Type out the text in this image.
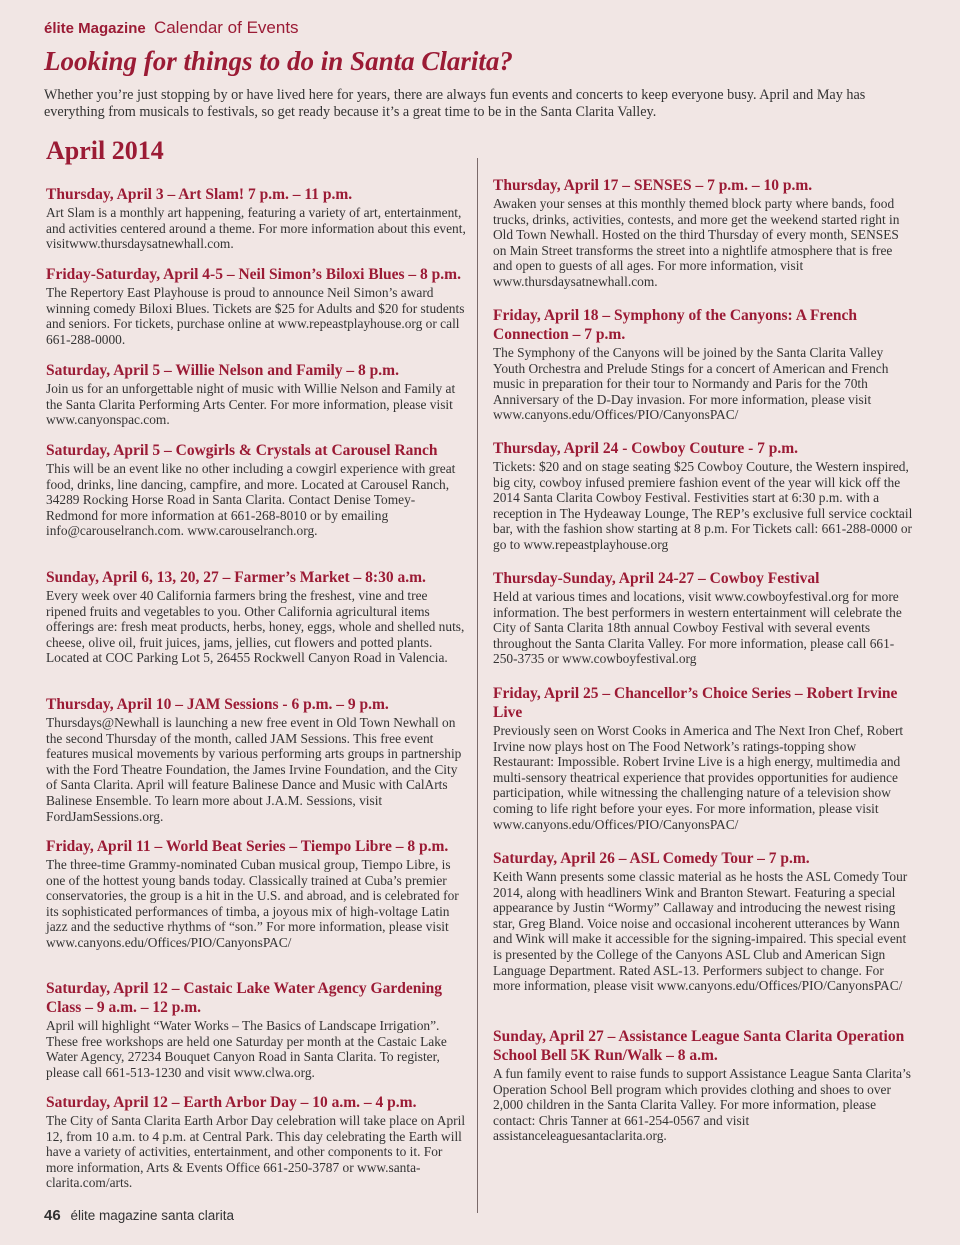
élite Magazine Calendar of Events
Looking for things to do in Santa Clarita?
Whether you’re just stopping by or have lived here for years, there are always fun events and concerts to keep everyone busy. April and May has everything from musicals to festivals, so get ready because it’s a great time to be in the Santa Clarita Valley.
April 2014
Thursday, April 3 – Art Slam! 7 p.m. – 11 p.m.

Art Slam is a monthly art happening, featuring a variety of art, entertainment, and activities centered around a theme. For more information about this event, visitwww.thursdaysatnewhall.com.

Friday-Saturday, April 4-5 – Neil Simon’s Biloxi Blues – 8 p.m.

The Repertory East Playhouse is proud to announce Neil Simon’s award winning comedy Biloxi Blues. Tickets are $25 for Adults and $20 for students and seniors. For tickets, purchase online at www.repeastplayhouse.org or call 661-288-0000.

Saturday, April 5 – Willie Nelson and Family – 8 p.m.

Join us for an unforgettable night of music with Willie Nelson and Family at the Santa Clarita Performing Arts Center. For more information, please visit www.canyonspac.com.

Saturday, April 5 – Cowgirls & Crystals at Carousel Ranch

This will be an event like no other including a cowgirl experience with great food, drinks, line dancing, campfire, and more. Located at Carousel Ranch, 34289 Rocking Horse Road in Santa Clarita. Contact Denise Tomey-Redmond for more information at 661-268-8010 or by emailing info@carouselranch.com. www.carouselranch.org.

Sunday, April 6, 13, 20, 27 – Farmer’s Market – 8:30 a.m.

Every week over 40 California farmers bring the freshest, vine and tree ripened fruits and vegetables to you. Other California agricultural items offerings are: fresh meat products, herbs, honey, eggs, whole and shelled nuts, cheese, olive oil, fruit juices, jams, jellies, cut flowers and potted plants. Located at COC Parking Lot 5, 26455 Rockwell Canyon Road in Valencia.

Thursday, April 10 – JAM Sessions - 6 p.m. – 9 p.m.

Thursdays@Newhall is launching a new free event in Old Town Newhall on the second Thursday of the month, called JAM Sessions. This free event features musical movements by various performing arts groups in partnership with the Ford Theatre Foundation, the James Irvine Foundation, and the City of Santa Clarita. April will feature Balinese Dance and Music with CalArts Balinese Ensemble. To learn more about J.A.M. Sessions, visit FordJamSessions.org.

Friday, April 11 – World Beat Series – Tiempo Libre – 8 p.m.

The three-time Grammy-nominated Cuban musical group, Tiempo Libre, is one of the hottest young bands today. Classically trained at Cuba’s premier conservatories, the group is a hit in the U.S. and abroad, and is celebrated for its sophisticated performances of timba, a joyous mix of high-voltage Latin jazz and the seductive rhythms of “son.” For more information, please visit www.canyons.edu/Offices/PIO/CanyonsPAC/

Saturday, April 12 – Castaic Lake Water Agency Gardening Class – 9 a.m. – 12 p.m.

April will highlight “Water Works – The Basics of Landscape Irrigation”. These free workshops are held one Saturday per month at the Castaic Lake Water Agency, 27234 Bouquet Canyon Road in Santa Clarita. To register, please call 661-513-1230 and visit www.clwa.org.

Saturday, April 12 – Earth Arbor Day – 10 a.m. – 4 p.m.

The City of Santa Clarita Earth Arbor Day celebration will take place on April 12, from 10 a.m. to 4 p.m. at Central Park. This day celebrating the Earth will have a variety of activities, entertainment, and other components to it. For more information, Arts & Events Office 661-250-3787 or www.santa-clarita.com/arts.

Thursday, April 17 – SENSES – 7 p.m. – 10 p.m.

Awaken your senses at this monthly themed block party where bands, food trucks, drinks, activities, contests, and more get the weekend started right in Old Town Newhall. Hosted on the third Thursday of every month, SENSES on Main Street transforms the street into a nightlife atmosphere that is free and open to guests of all ages. For more information, visit www.thursdaysatnewhall.com.

Friday, April 18 – Symphony of the Canyons: A French Connection – 7 p.m.

The Symphony of the Canyons will be joined by the Santa Clarita Valley Youth Orchestra and Prelude Stings for a concert of American and French music in preparation for their tour to Normandy and Paris for the 70th Anniversary of the D-Day invasion. For more information, please visit www.canyons.edu/Offices/PIO/CanyonsPAC/

Thursday, April 24 - Cowboy Couture - 7 p.m.

Tickets: $20 and on stage seating $25 Cowboy Couture, the Western inspired, big city, cowboy infused premiere fashion event of the year will kick off the 2014 Santa Clarita Cowboy Festival. Festivities start at 6:30 p.m. with a reception in The Hydeaway Lounge, The REP’s exclusive full service cocktail bar, with the fashion show starting at 8 p.m. For Tickets call: 661-288-0000 or go to www.repeastplayhouse.org

Thursday-Sunday, April 24-27 – Cowboy Festival

Held at various times and locations, visit www.cowboyfestival.org for more information. The best performers in western entertainment will celebrate the City of Santa Clarita 18th annual Cowboy Festival with several events throughout the Santa Clarita Valley. For more information, please call 661-250-3735 or www.cowboyfestival.org

Friday, April 25 – Chancellor’s Choice Series – Robert Irvine Live

Previously seen on Worst Cooks in America and The Next Iron Chef, Robert Irvine now plays host on The Food Network’s ratings-topping show Restaurant: Impossible. Robert Irvine Live is a high energy, multimedia and multi-sensory theatrical experience that provides opportunities for audience participation, while witnessing the challenging nature of a television show coming to life right before your eyes. For more information, please visit www.canyons.edu/Offices/PIO/CanyonsPAC/

Saturday, April 26 – ASL Comedy Tour – 7 p.m.

Keith Wann presents some classic material as he hosts the ASL Comedy Tour 2014, along with headliners Wink and Branton Stewart. Featuring a special appearance by Justin “Wormy” Callaway and introducing the newest rising star, Greg Bland. Voice noise and occasional incoherent utterances by Wann and Wink will make it accessible for the signing-impaired. This special event is presented by the College of the Canyons ASL Club and American Sign Language Department. Rated ASL-13. Performers subject to change. For more information, please visit www.canyons.edu/Offices/PIO/CanyonsPAC/

Sunday, April 27 – Assistance League Santa Clarita Operation School Bell 5K Run/Walk – 8 a.m.

A fun family event to raise funds to support Assistance League Santa Clarita’s Operation School Bell program which provides clothing and shoes to over 2,000 children in the Santa Clarita Valley. For more information, please contact: Chris Tanner at 661-254-0567 and visit assistanceleaguesantaclarita.org.

46 élite magazine santa clarita
